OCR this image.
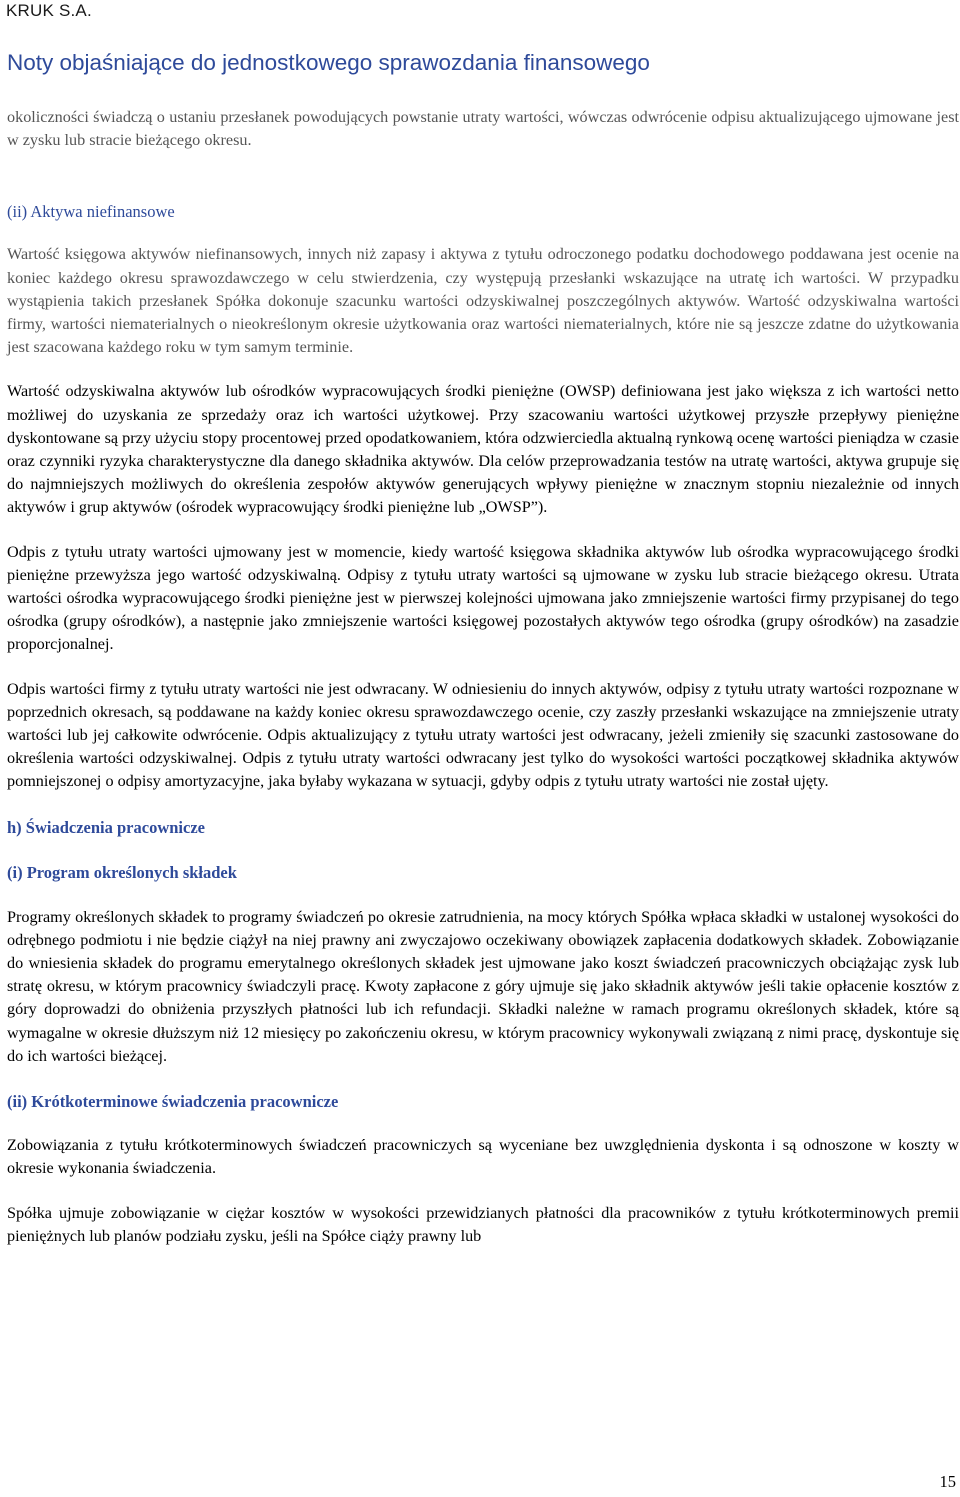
KRUK S.A.
Noty objaśniające do jednostkowego sprawozdania finansowego

okoliczności świadczą o ustaniu przesłanek powodujących powstanie utraty wartości, wówczas odwrócenie odpisu aktualizującego ujmowane jest w zysku lub stracie bieżącego okresu.

(ii) Aktywa niefinansowe

Wartość księgowa aktywów niefinansowych, innych niż zapasy i aktywa z tytułu odroczonego podatku dochodowego poddawana jest ocenie na koniec każdego okresu sprawozdawczego w celu stwierdzenia, czy występują przesłanki wskazujące na utratę ich wartości. W przypadku wystąpienia takich przesłanek Spółka dokonuje szacunku wartości odzyskiwalnej poszczególnych aktywów. Wartość odzyskiwalna wartości firmy, wartości niematerialnych o nieokreślonym okresie użytkowania oraz wartości niematerialnych, które nie są jeszcze zdatne do użytkowania jest szacowana każdego roku w tym samym terminie.

Wartość odzyskiwalna aktywów lub ośrodków wypracowujących środki pieniężne (OWSP) definiowana jest jako większa z ich wartości netto możliwej do uzyskania ze sprzedaży oraz ich wartości użytkowej. Przy szacowaniu wartości użytkowej przyszłe przepływy pieniężne dyskontowane są przy użyciu stopy procentowej przed opodatkowaniem, która odzwierciedla aktualną rynkową ocenę wartości pieniądza w czasie oraz czynniki ryzyka charakterystyczne dla danego składnika aktywów. Dla celów przeprowadzania testów na utratę wartości, aktywa grupuje się do najmniejszych możliwych do określenia zespołów aktywów generujących wpływy pieniężne w znacznym stopniu niezależnie od innych aktywów i grup aktywów (ośrodek wypracowujący środki pieniężne lub „OWSP”).

Odpis z tytułu utraty wartości ujmowany jest w momencie, kiedy wartość księgowa składnika aktywów lub ośrodka wypracowującego środki pieniężne przewyższa jego wartość odzyskiwalną. Odpisy z tytułu utraty wartości są ujmowane w zysku lub stracie bieżącego okresu. Utrata wartości ośrodka wypracowującego środki pieniężne jest w pierwszej kolejności ujmowana jako zmniejszenie wartości firmy przypisanej do tego ośrodka (grupy ośrodków), a następnie jako zmniejszenie wartości księgowej pozostałych aktywów tego ośrodka (grupy ośrodków) na zasadzie proporcjonalnej.

Odpis wartości firmy z tytułu utraty wartości nie jest odwracany. W odniesieniu do innych aktywów, odpisy z tytułu utraty wartości rozpoznane w poprzednich okresach, są poddawane na każdy koniec okresu sprawozdawczego ocenie, czy zaszły przesłanki wskazujące na zmniejszenie utraty wartości lub jej całkowite odwrócenie. Odpis aktualizujący z tytułu utraty wartości jest odwracany, jeżeli zmieniły się szacunki zastosowane do określenia wartości odzyskiwalnej. Odpis z tytułu utraty wartości odwracany jest tylko do wysokości wartości początkowej składnika aktywów pomniejszonej o odpisy amortyzacyjne, jaka byłaby wykazana w sytuacji, gdyby odpis z tytułu utraty wartości nie został ujęty.

h) Świadczenia pracownicze

(i) Program określonych składek

Programy określonych składek to programy świadczeń po okresie zatrudnienia, na mocy których Spółka wpłaca składki w ustalonej wysokości do odrębnego podmiotu i nie będzie ciążył na niej prawny ani zwyczajowo oczekiwany obowiązek zapłacenia dodatkowych składek. Zobowiązanie do wniesienia składek do programu emerytalnego określonych składek jest ujmowane jako koszt świadczeń pracowniczych obciążając zysk lub stratę okresu, w którym pracownicy świadczyli pracę. Kwoty zapłacone z góry ujmuje się jako składnik aktywów jeśli takie opłacenie kosztów z góry doprowadzi do obniżenia przyszłych płatności lub ich refundacji. Składki należne w ramach programu określonych składek, które są wymagalne w okresie dłuższym niż 12 miesięcy po zakończeniu okresu, w którym pracownicy wykonywali związaną z nimi pracę, dyskontuje się do ich wartości bieżącej.

(ii) Krótkoterminowe świadczenia pracownicze

Zobowiązania z tytułu krótkoterminowych świadczeń pracowniczych są wyceniane bez uwzględnienia dyskonta i są odnoszone w koszty w okresie wykonania świadczenia.

Spółka ujmuje zobowiązanie w ciężar kosztów w wysokości przewidzianych płatności dla pracowników z tytułu krótkoterminowych premii pieniężnych lub planów podziału zysku, jeśli na Spółce ciąży prawny lub

15
